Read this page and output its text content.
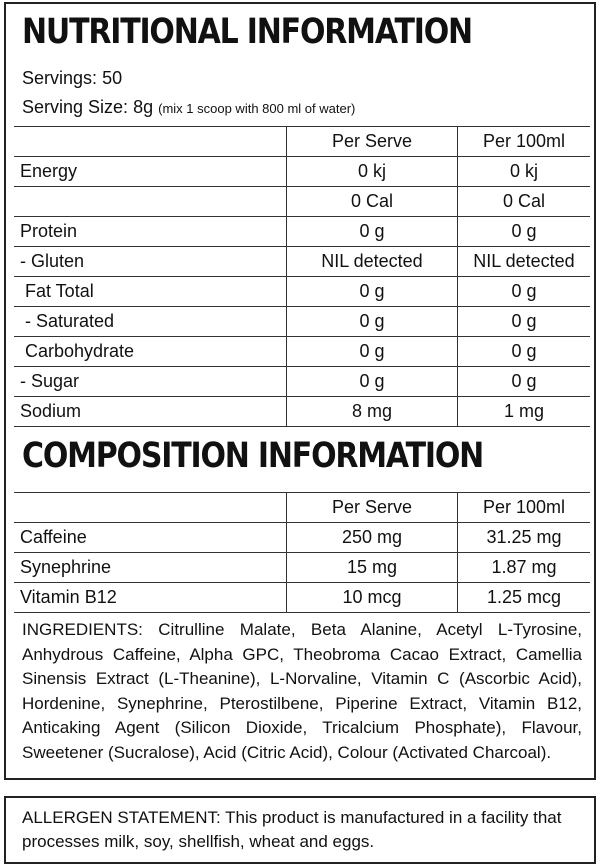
NUTRITIONAL INFORMATION
Servings: 50
Serving Size: 8g (mix 1 scoop with 800 ml of water)
	Per Serve	Per 100ml
Energy	0 kj	0 kj
	0 Cal	0 Cal
Protein	0 g	0 g
- Gluten	NIL detected	NIL detected
Fat Total	0 g	0 g
- Saturated	0 g	0 g
Carbohydrate	0 g	0 g
- Sugar	0 g	0 g
Sodium	8 mg	1 mg
COMPOSITION INFORMATION
	Per Serve	Per 100ml
Caffeine	250 mg	31.25 mg
Synephrine	15 mg	1.87 mg
Vitamin B12	10 mcg	1.25 mcg

INGREDIENTS: Citrulline Malate, Beta Alanine, Acetyl L-Tyrosine, Anhydrous Caffeine, Alpha GPC, Theobroma Cacao Extract, Camellia Sinensis Extract (L-Theanine), L-Norvaline, Vitamin C (Ascorbic Acid), Hordenine, Synephrine, Pterostilbene, Piperine Extract, Vitamin B12, Anticaking Agent (Silicon Dioxide, Tricalcium Phosphate), Flavour, Sweetener (Sucralose), Acid (Citric Acid), Colour (Activated Charcoal).

ALLERGEN STATEMENT: This product is manufactured in a facility that processes milk, soy, shellfish, wheat and eggs.
